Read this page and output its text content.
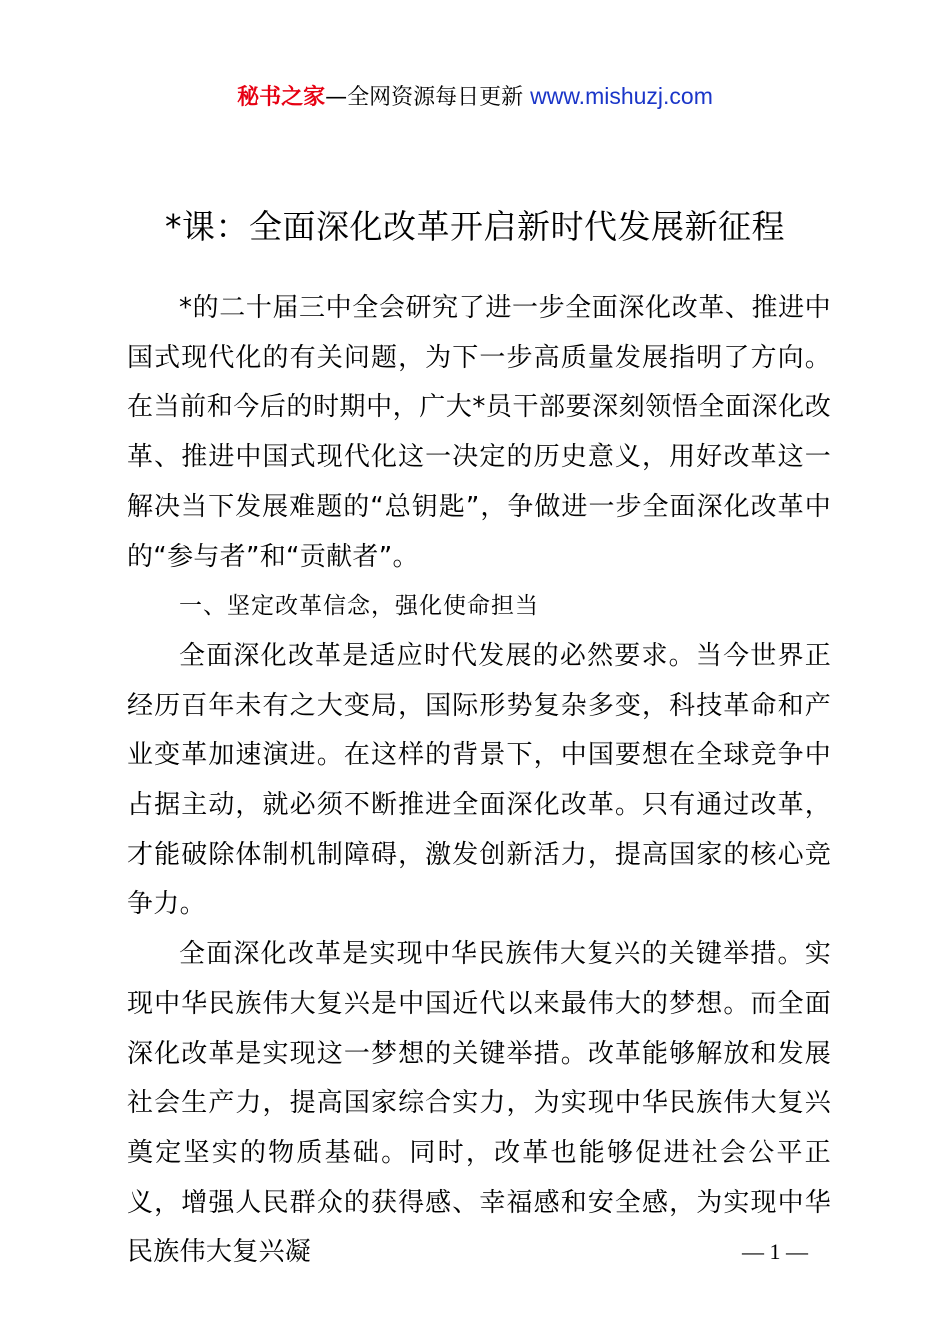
秘书之家—全网资源每日更新 www.mishuzj.com
*课：全面深化改革开启新时代发展新征程

*的二十届三中全会研究了进一步全面深化改革、推进中国式现代化的有关问题，为下一步高质量发展指明了方向。在当前和今后的时期中，广大*员干部要深刻领悟全面深化改革、推进中国式现代化这一决定的历史意义，用好改革这一解决当下发展难题的“总钥匙”，争做进一步全面深化改革中的“参与者”和“贡献者”。

一、坚定改革信念，强化使命担当

全面深化改革是适应时代发展的必然要求。当今世界正经历百年未有之大变局，国际形势复杂多变，科技革命和产业变革加速演进。在这样的背景下，中国要想在全球竞争中占据主动，就必须不断推进全面深化改革。只有通过改革，才能破除体制机制障碍，激发创新活力，提高国家的核心竞争力。

全面深化改革是实现中华民族伟大复兴的关键举措。实现中华民族伟大复兴是中国近代以来最伟大的梦想。而全面深化改革是实现这一梦想的关键举措。改革能够解放和发展社会生产力，提高国家综合实力，为实现中华民族伟大复兴奠定坚实的物质基础。同时，改革也能够促进社会公平正义，增强人民群众的获得感、幸福感和安全感，为实现中华民族伟大复兴凝	— 1 —
